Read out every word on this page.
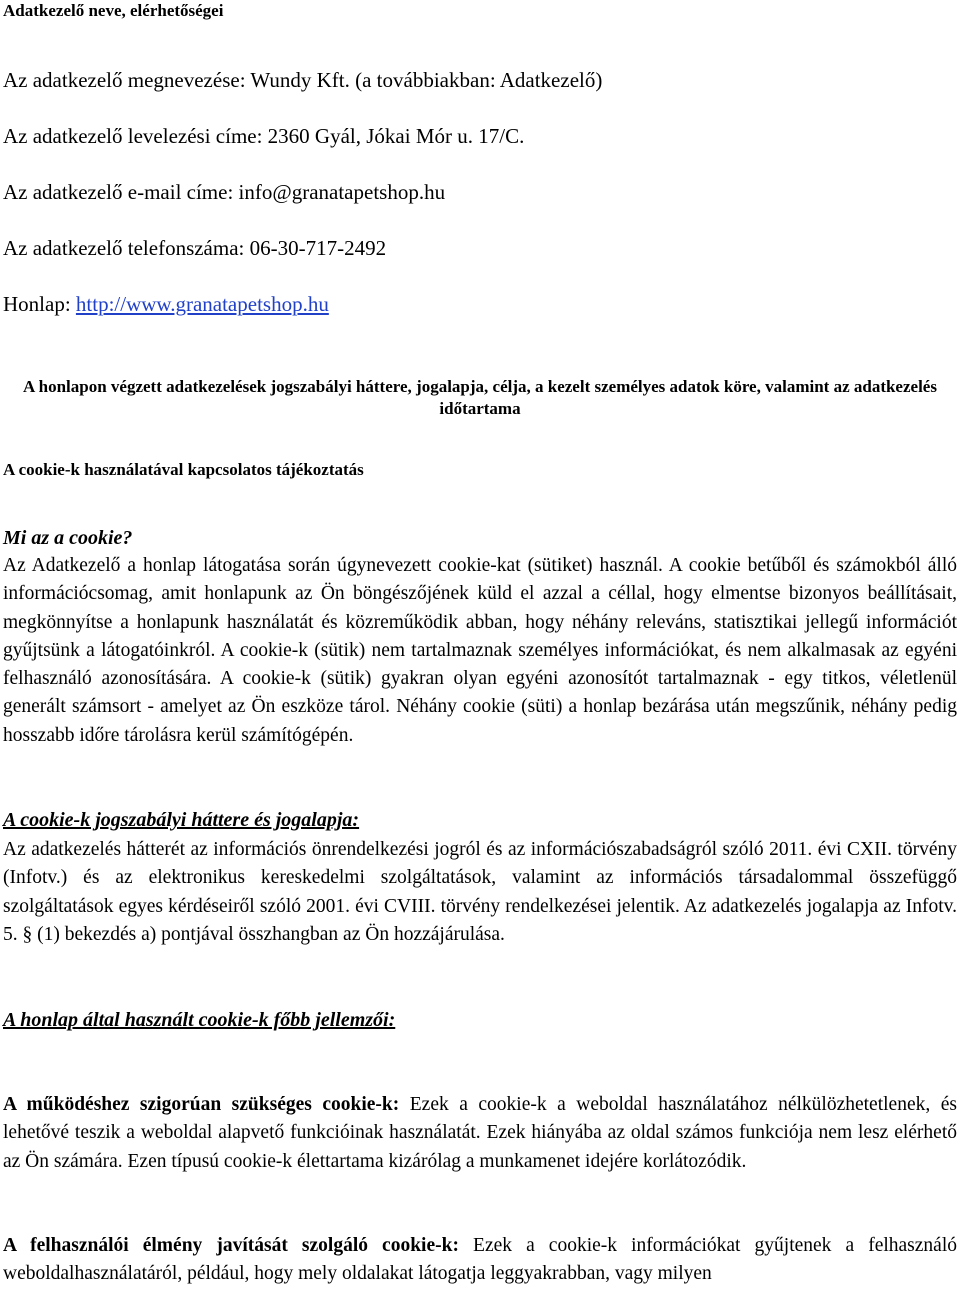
Adatkezelő neve, elérhetőségei

Az adatkezelő megnevezése: Wundy Kft. (a továbbiakban: Adatkezelő)

Az adatkezelő levelezési címe: 2360 Gyál, Jókai Mór u. 17/C.

Az adatkezelő e-mail címe: info@granatapetshop.hu

Az adatkezelő telefonszáma: 06-30-717-2492

Honlap: http://www.granatapetshop.hu

A honlapon végzett adatkezelések jogszabályi háttere, jogalapja, célja, a kezelt személyes adatok köre, valamint az adatkezelés időtartama
A cookie-k használatával kapcsolatos tájékoztatás
Mi az a cookie?

Az Adatkezelő a honlap látogatása során úgynevezett cookie-kat (sütiket) használ. A cookie betűből és számokból álló információcsomag, amit honlapunk az Ön böngészőjének küld el azzal a céllal, hogy elmentse bizonyos beállításait, megkönnyítse a honlapunk használatát és közreműködik abban, hogy néhány releváns, statisztikai jellegű információt gyűjtsünk a látogatóinkról. A cookie-k (sütik) nem tartalmaznak személyes információkat, és nem alkalmasak az egyéni felhasználó azonosítására. A cookie-k (sütik) gyakran olyan egyéni azonosítót tartalmaznak - egy titkos, véletlenül generált számsort - amelyet az Ön eszköze tárol. Néhány cookie (süti) a honlap bezárása után megszűnik, néhány pedig hosszabb időre tárolásra kerül számítógépén.

A cookie-k jogszabályi háttere és jogalapja:

Az adatkezelés hátterét az információs önrendelkezési jogról és az információszabadságról szóló 2011. évi CXII. törvény (Infotv.) és az elektronikus kereskedelmi szolgáltatások, valamint az információs társadalommal összefüggő szolgáltatások egyes kérdéseiről szóló 2001. évi CVIII. törvény rendelkezései jelentik. Az adatkezelés jogalapja az Infotv. 5. § (1) bekezdés a) pontjával összhangban az Ön hozzájárulása.

A honlap által használt cookie-k főbb jellemzői:

A működéshez szigorúan szükséges cookie-k: Ezek a cookie-k a weboldal használatához nélkülözhetetlenek, és lehetővé teszik a weboldal alapvető funkcióinak használatát. Ezek hiányába az oldal számos funkciója nem lesz elérhető az Ön számára. Ezen típusú cookie-k élettartama kizárólag a munkamenet idejére korlátozódik.

A felhasználói élmény javítását szolgáló cookie-k: Ezek a cookie-k információkat gyűjtenek a felhasználó weboldalhasználatáról, például, hogy mely oldalakat látogatja leggyakrabban, vagy milyen
